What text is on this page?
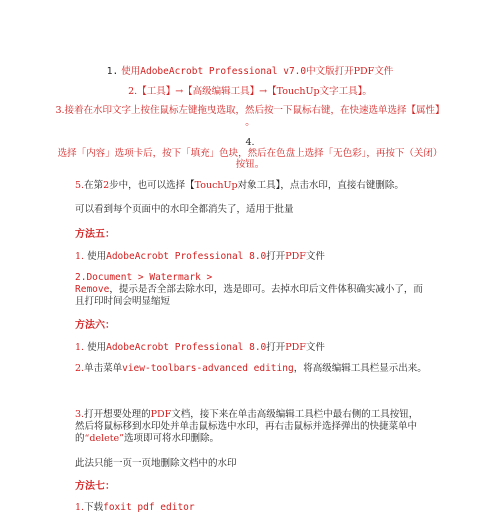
1. 使用AdobeAcrobt Professional v7.0中文版打开PDF文件
2.【工具】→【高级编辑工具】→【TouchUp文字工具】。
3.接着在水印文字上按住鼠标左键拖曳选取，然后按一下鼠标右键，在快速选单选择【属性】
。
4.
选择「内容」选项卡后，按下「填充」色块，然后在色盘上选择「无色彩」，再按下（关闭）
按钮。
5.在第2步中，也可以选择【TouchUp对象工具】，点击水印，直接右键删除。
可以看到每个页面中的水印全都消失了，适用于批量
方法五：
1. 使用AdobeAcrobt Professional 8.0打开PDF文件
2.Document > Watermark >
Remove，提示是否全部去除水印，选是即可。去掉水印后文件体积确实减小了，而
且打印时间会明显缩短
方法六：
1. 使用AdobeAcrobt Professional 8.0打开PDF文件
2.单击菜单view-toolbars-advanced editing，将高级编辑工具栏显示出来。
3.打开想要处理的PDF文档，接下来在单击高级编辑工具栏中最右侧的工具按钮，
然后将鼠标移到水印处并单击鼠标选中水印，再右击鼠标并选择弹出的快捷菜单中
的“delete”选项即可将水印删除。
此法只能一页一页地删除文档中的水印
方法七：
1.下载foxit pdf editor
